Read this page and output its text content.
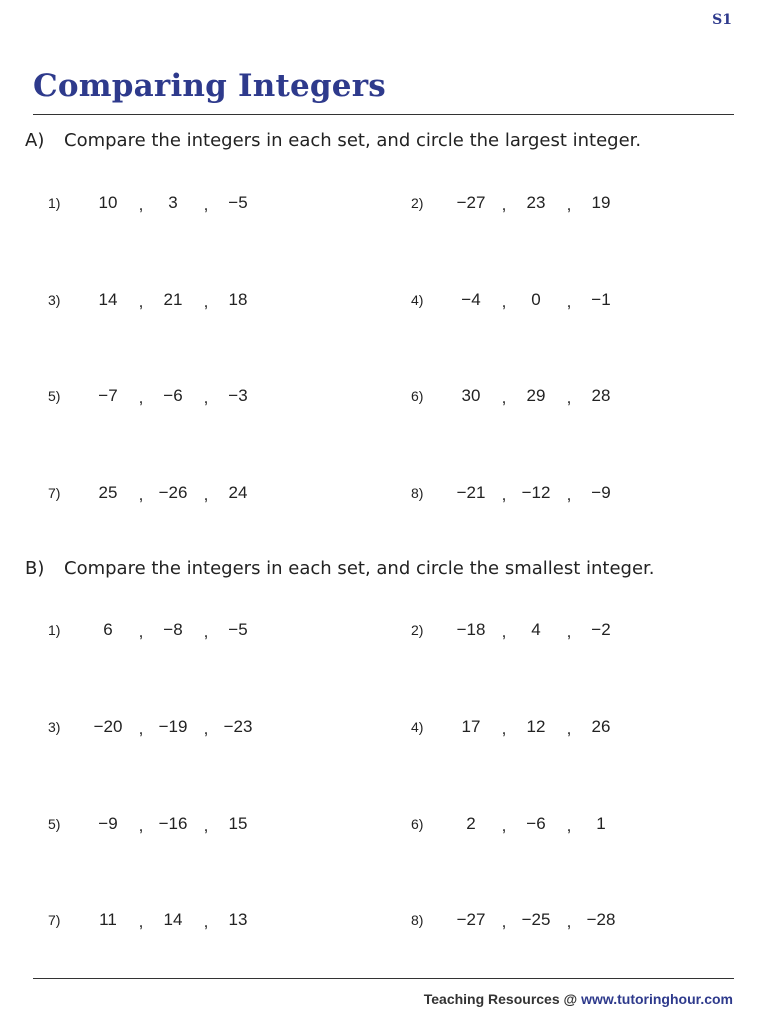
S1
Comparing Integers
A) Compare the integers in each set, and circle the largest integer.
1)	10	,	3	,	−5	2)	−27 ,	23	,	19
3)	14	,	21	,	18	4)	−4	,	0	,	−1
5)	−7	,	−6	,	−3	6)	30	,	29	,	28
7)	25	, −26 ,	24	8)	−21 , −12 ,	−9
B) Compare the integers in each set, and circle the smallest integer.
1)	6	,	−8	,	−5	2)	−18 ,	4	,	−2
3)	−20 , −19 , −23	4)	17	,	12	,	26
5)	−9	, −16 ,	15	6)	2	,	−6	,	1
7)	11	,	14	,	13	8)	−27 , −25 , −28
Teaching Resources @ www.tutoringhour.com
